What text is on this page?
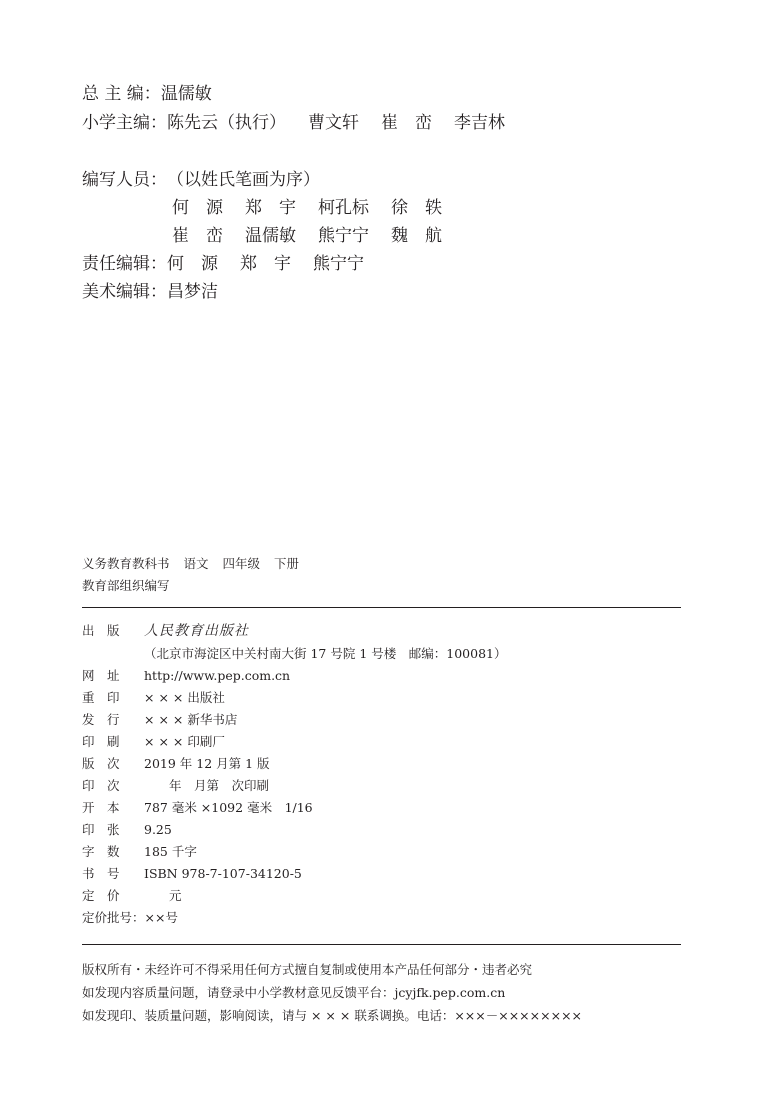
总 主 编：温儒敏
小学主编：陈先云（执行） 曹文轩 崔　峦 李吉林
编写人员：（以姓氏笔画为序）
何　源 郑　宇 柯孔标 徐　轶
崔　峦 温儒敏 熊宁宁 魏　航
责任编辑：何　源 郑　宇 熊宁宁
美术编辑：昌梦洁
义务教育教科书 语文 四年级 下册
教育部组织编写
出　版 人民教育出版社
（北京市海淀区中关村南大街 17 号院 1 号楼　邮编：100081）
网　址 http://www.pep.com.cn
重　印 × × × 出版社
发　行 × × × 新华书店
印　刷 × × × 印刷厂
版　次 2019 年 12 月第 1 版
印　次　　年　月第　次印刷
开　本 787 毫米 ×1092 毫米　1/16
印　张 9.25
字　数 185 千字
书　号 ISBN 978-7-107-34120-5
定　价　　元
定价批号：××号
版权所有・未经许可不得采用任何方式擅自复制或使用本产品任何部分・违者必究
如发现内容质量问题，请登录中小学教材意见反馈平台：jcyjfk.pep.com.cn
如发现印、装质量问题，影响阅读，请与 × × × 联系调换。电话：×××－××××××××
